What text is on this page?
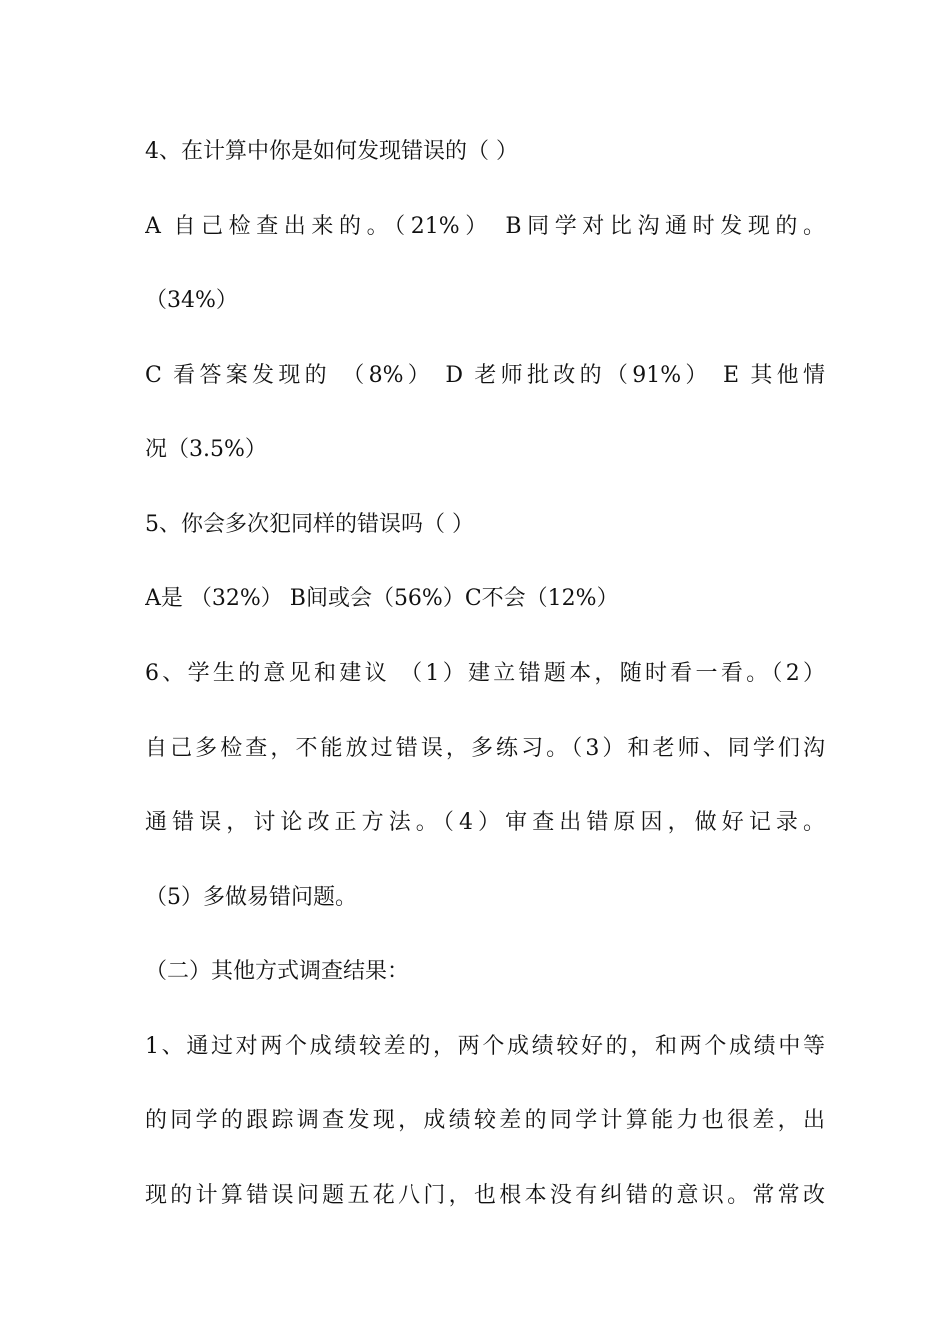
4、在计算中你是如何发现错误的（ ）
A 自己检查出来的。（21%） B同学对比沟通时发现的。
（34%）
C 看答案发现的 （8%） D 老师批改的（91%） E 其他情
况（3.5%）
5、你会多次犯同样的错误吗（ ）
A是 （32%） B间或会（56%）C不会（12%）
6、学生的意见和建议 （1）建立错题本，随时看一看。（2）
自己多检查，不能放过错误，多练习。（3）和老师、同学们沟
通错误，讨论改正方法。（4）审查出错原因，做好记录。
（5）多做易错问题。
（二）其他方式调查结果：
1、通过对两个成绩较差的，两个成绩较好的，和两个成绩中等
的同学的跟踪调查发现，成绩较差的同学计算能力也很差，出
现的计算错误问题五花八门，也根本没有纠错的意识。常常改
